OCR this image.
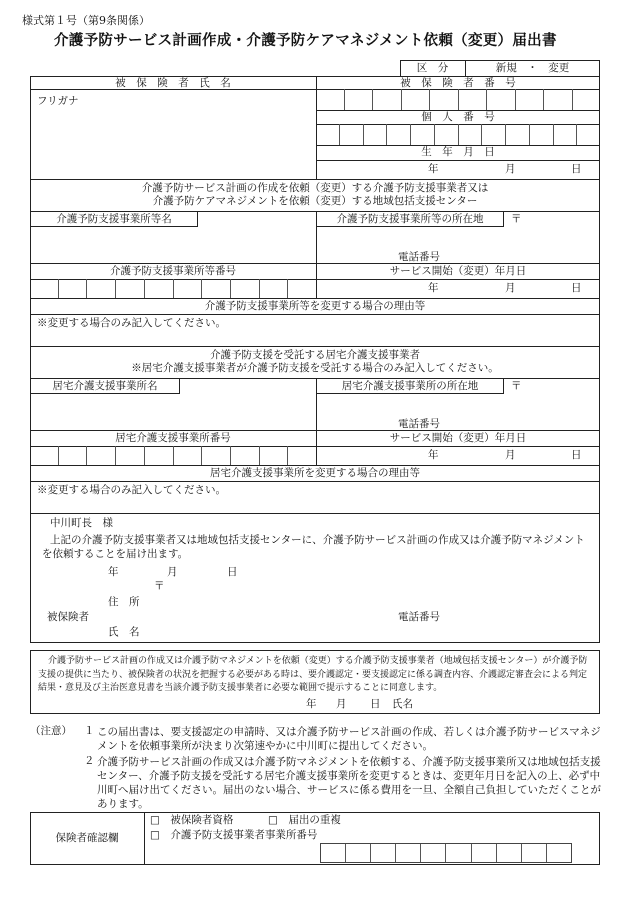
様式第１号（第9条関係）
介護予防サービス計画作成・介護予防ケアマネジメント依頼（変更）届出書
区　分	新規　・　変更
被　保　険　者　氏　名	被　保　険　者　番　号
フリガナ
個　人　番　号
生　年　月　日
年	月	日
介護予防サービス計画の作成を依頼（変更）する介護予防支援事業者又は
介護予防ケアマネジメントを依頼（変更）する地域包括支援センター
介護予防支援事業所等名	介護予防支援事業所等の所在地	〒
電話番号
介護予防支援事業所等番号	サービス開始（変更）年月日
年	月	日
介護予防支援事業所等を変更する場合の理由等
※変更する場合のみ記入してください。
介護予防支援を受託する居宅介護支援事業者
※居宅介護支援事業者が介護予防支援を受託する場合のみ記入してください。
居宅介護支援事業所名	居宅介護支援事業所の所在地	〒
電話番号
居宅介護支援事業所番号	サービス開始（変更）年月日
年	月	日
居宅介護支援事業所を変更する場合の理由等
※変更する場合のみ記入してください。
中川町長　様
上記の介護予防支援事業者又は地域包括支援センターに、介護予防サービス計画の作成又は介護予防マネジメントを依頼することを届け出ます。
年	月	日
〒
住　所
被保険者	電話番号
氏　名
介護予防サービス計画の作成又は介護予防マネジメントを依頼（変更）する介護予防支援事業者（地域包括支援センター）が介護予防支援の提供に当たり、被保険者の状況を把握する必要がある時は、要介護認定・要支援認定に係る調査内容、介護認定審査会による判定結果・意見及び主治医意見書を当該介護予防支援事業者に必要な範囲で提示することに同意します。
年 月 日 氏名
（注意） １ この届出書は、要支援認定の申請時、又は介護予防サービス計画の作成、若しくは介護予防サービスマネジメントを依頼事業所が決まり次第速やかに中川町に提出してください。
２ 介護予防サービス計画の作成又は介護予防マネジメントを依頼する、介護予防支援事業所又は地域包括支援センター、介護予防支援を受託する居宅介護支援事業所を変更するときは、変更年月日を記入の上、必ず中川町へ届け出てください。届出のない場合、サービスに係る費用を一旦、全額自己負担していただくことがあります。
保険者確認欄
□　被保険者資格	□　届出の重複
□　介護予防支援事業者事業所番号
